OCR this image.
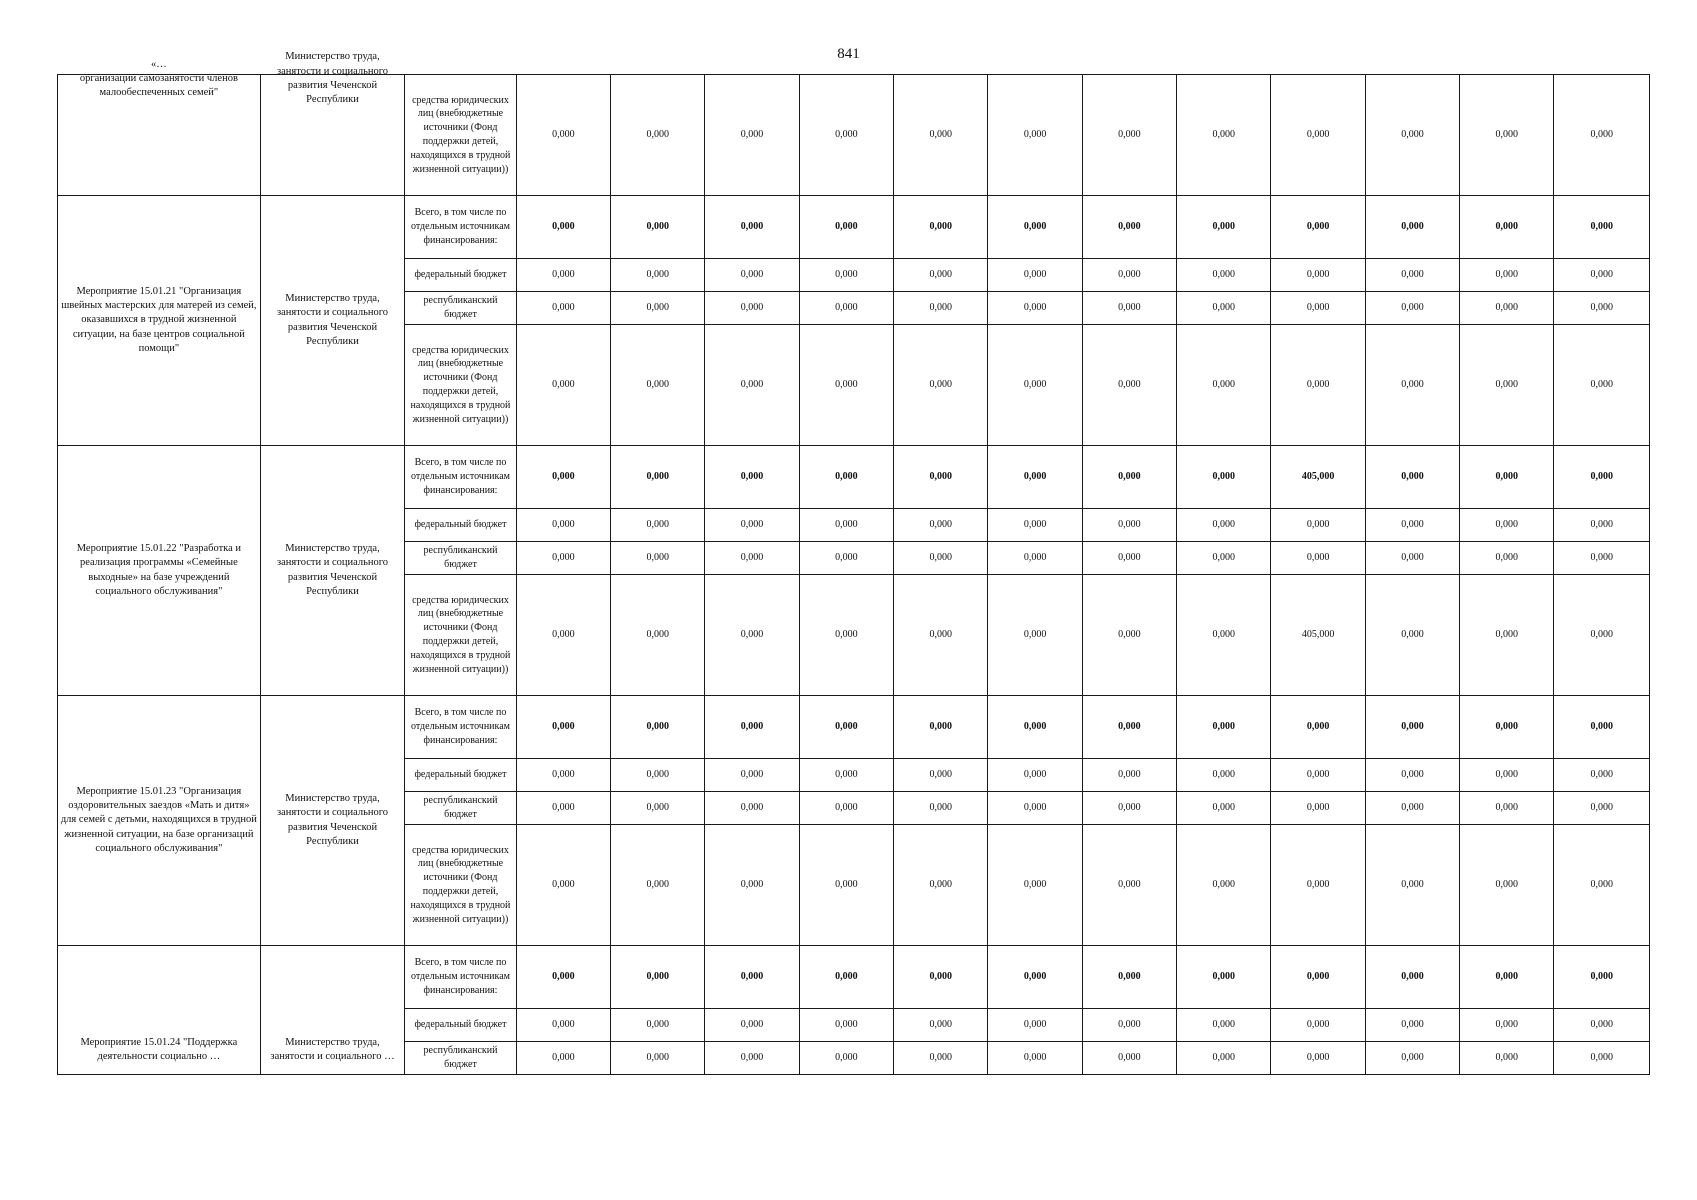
841
«…
организации самозанятости членов
малообеспеченных семей"	Министерство труда, занятости и социального развития Чеченской Республики	средства юридических лиц (внебюджетные источники (Фонд поддержки детей, находящихся в трудной жизненной ситуации))	0,000	0,000	0,000	0,000	0,000	0,000	0,000	0,000	0,000	0,000	0,000	0,000
Мероприятие 15.01.21 "Организация швейных мастерских для матерей из семей, оказавшихся в трудной жизненной ситуации, на базе центров социальной помощи"	Министерство труда, занятости и социального развития Чеченской Республики	Всего, в том числе по отдельным источникам финансирования:	0,000	0,000	0,000	0,000	0,000	0,000	0,000	0,000	0,000	0,000	0,000	0,000
		федеральный бюджет	0,000	0,000	0,000	0,000	0,000	0,000	0,000	0,000	0,000	0,000	0,000	0,000
		республиканский бюджет	0,000	0,000	0,000	0,000	0,000	0,000	0,000	0,000	0,000	0,000	0,000	0,000
		средства юридических лиц (внебюджетные источники (Фонд поддержки детей, находящихся в трудной жизненной ситуации))	0,000	0,000	0,000	0,000	0,000	0,000	0,000	0,000	0,000	0,000	0,000	0,000
Мероприятие 15.01.22 "Разработка и реализация программы «Семейные выходные» на базе учреждений социального обслуживания"	Министерство труда, занятости и социального развития Чеченской Республики	Всего, в том числе по отдельным источникам финансирования:	0,000	0,000	0,000	0,000	0,000	0,000	0,000	0,000	405,000	0,000	0,000	0,000
		федеральный бюджет	0,000	0,000	0,000	0,000	0,000	0,000	0,000	0,000	0,000	0,000	0,000	0,000
		республиканский бюджет	0,000	0,000	0,000	0,000	0,000	0,000	0,000	0,000	0,000	0,000	0,000	0,000
		средства юридических лиц (внебюджетные источники (Фонд поддержки детей, находящихся в трудной жизненной ситуации))	0,000	0,000	0,000	0,000	0,000	0,000	0,000	0,000	405,000	0,000	0,000	0,000
Мероприятие 15.01.23 "Организация оздоровительных заездов «Мать и дитя» для семей с детьми, находящихся в трудной жизненной ситуации, на базе организаций социального обслуживания"	Министерство труда, занятости и социального развития Чеченской Республики	Всего, в том числе по отдельным источникам финансирования:	0,000	0,000	0,000	0,000	0,000	0,000	0,000	0,000	0,000	0,000	0,000	0,000
		федеральный бюджет	0,000	0,000	0,000	0,000	0,000	0,000	0,000	0,000	0,000	0,000	0,000	0,000
		республиканский бюджет	0,000	0,000	0,000	0,000	0,000	0,000	0,000	0,000	0,000	0,000	0,000	0,000
		средства юридических лиц (внебюджетные источники (Фонд поддержки детей, находящихся в трудной жизненной ситуации))	0,000	0,000	0,000	0,000	0,000	0,000	0,000	0,000	0,000	0,000	0,000	0,000

Мероприятие 15.01.24 "Поддержка деятельности социально …	Министерство труда, занятости и социального …	Всего, в том числе по отдельным источникам финансирования:	0,000	0,000	0,000	0,000	0,000	0,000	0,000	0,000	0,000	0,000	0,000	0,000
		федеральный бюджет	0,000	0,000	0,000	0,000	0,000	0,000	0,000	0,000	0,000	0,000	0,000	0,000
		республиканский бюджет	0,000	0,000	0,000	0,000	0,000	0,000	0,000	0,000	0,000	0,000	0,000	0,000
